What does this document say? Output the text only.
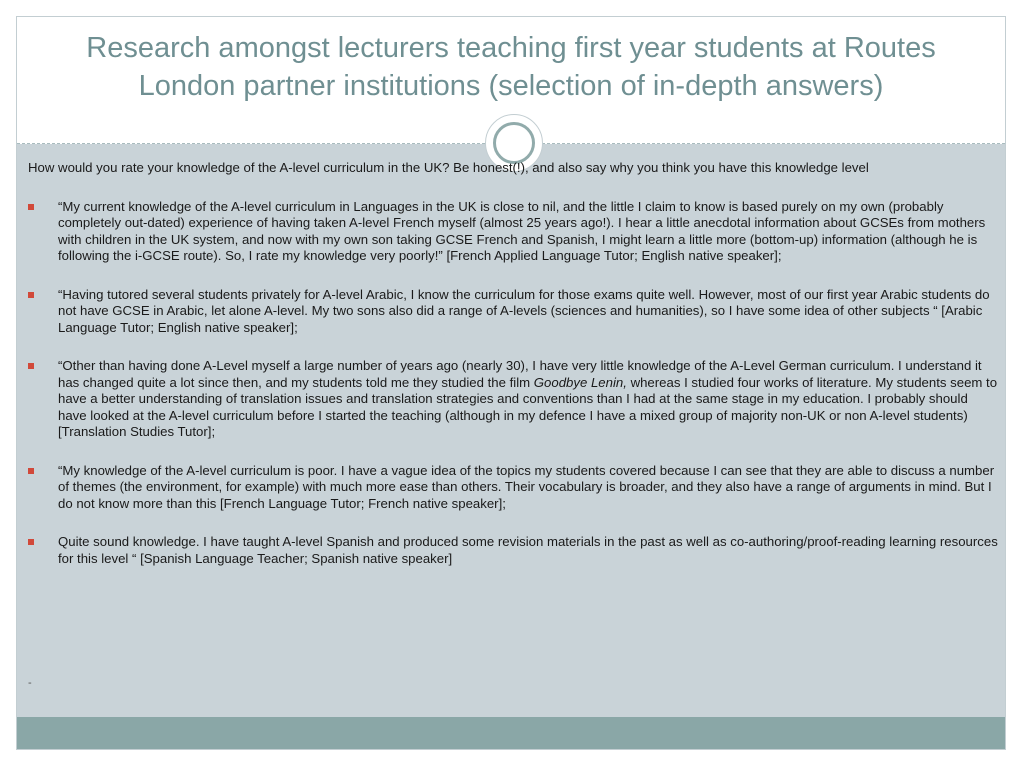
Research amongst lecturers teaching first year students at Routes London partner institutions (selection of in-depth answers)

How would you rate your knowledge of the A-level curriculum in the UK? Be honest(!), and also say why you think you have this knowledge level

“My current knowledge of the A-level curriculum in Languages in the UK is close to nil, and the little I claim to know is based purely on my own (probably completely out-dated) experience of having taken A-level French myself (almost 25 years ago!). I hear a little anecdotal information about GCSEs from mothers with children in the UK system, and now with my own son taking GCSE French and Spanish, I might learn a little more (bottom-up) information (although he is following the i-GCSE route). So, I rate my knowledge very poorly!” [French Applied Language Tutor; English native speaker];
“Having tutored several students privately for A-level Arabic, I know the curriculum for those exams quite well. However, most of our first year Arabic students do not have GCSE in Arabic, let alone A-level. My two sons also did a range of A-levels (sciences and humanities), so I have some idea of other subjects “ [Arabic Language Tutor; English native speaker];
“Other than having done A-Level myself a large number of years ago (nearly 30), I have very little knowledge of the A-Level German curriculum. I understand it has changed quite a lot since then, and my students told me they studied the film Goodbye Lenin, whereas I studied four works of literature. My students seem to have a better understanding of translation issues and translation strategies and conventions than I had at the same stage in my education. I probably should have looked at the A-level curriculum before I started the teaching (although in my defence I have a mixed group of majority non-UK or non A-level students) [Translation Studies Tutor];
“My knowledge of the A-level curriculum is poor. I have a vague idea of the topics my students covered because I can see that they are able to discuss a number of themes (the environment, for example) with much more ease than others. Their vocabulary is broader, and they also have a range of arguments in mind. But I do not know more than this [French Language Tutor; French native speaker];
Quite sound knowledge. I have taught A-level Spanish and produced some revision materials in the past as well as co-authoring/proof-reading learning resources for this level “ [Spanish Language Teacher; Spanish native speaker]
-
